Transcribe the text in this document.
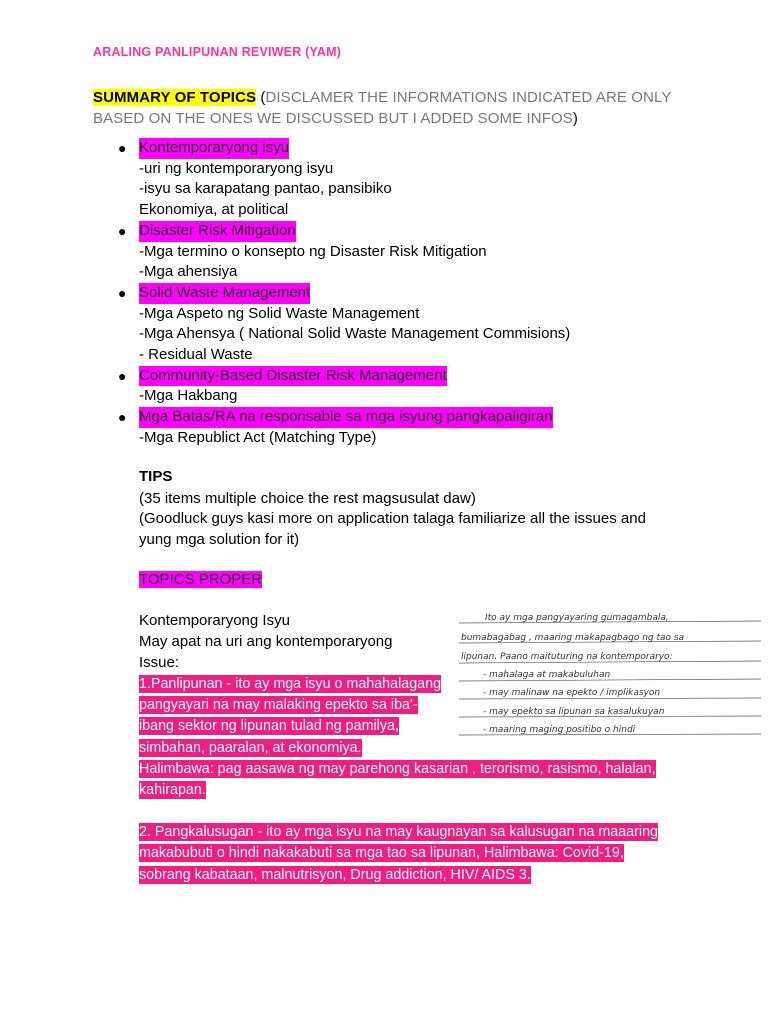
ARALING PANLIPUNAN REVIWER (YAM)
SUMMARY OF TOPICS (DISCLAMER THE INFORMATIONS INDICATED ARE ONLY BASED ON THE ONES WE DISCUSSED BUT I ADDED SOME INFOS)
● Kontemporaryong isyu
-uri ng kontemporaryong isyu
-isyu sa karapatang pantao, pansibiko
Ekonomiya, at political
● Disaster Risk Mitigation
-Mga termino o konsepto ng Disaster Risk Mitigation
-Mga ahensiya
● Solid Waste Management
-Mga Aspeto ng Solid Waste Management
-Mga Ahensya ( National Solid Waste Management Commisions)
- Residual Waste
● Community-Based Disaster Risk Management
-Mga Hakbang
● Mga Batas/RA na responsable sa mga isyung pangkapaligiran
-Mga Republict Act (Matching Type)
TIPS
(35 items multiple choice the rest magsusulat daw)
(Goodluck guys kasi more on application talaga familiarize all the issues and yung mga solution for it)
TOPICS PROPER
Kontemporaryong Isyu
May apat na uri ang kontemporaryong
Issue:
1.Panlipunan - ito ay mga isyu o mahahalagang
pangyayari na may malaking epekto sa iba'-
ibang sektor ng lipunan tulad ng pamilya,
simbahan, paaralan, at ekonomiya.
Halimbawa: pag aasawa ng may parehong kasarian , terorismo, rasismo, halalan,
kahirapan.
2. Pangkalusugan - ito ay mga isyu na may kaugnayan sa kalusugan na maaaring
makabubuti o hindi nakakabuti sa mga tao sa lipunan, Halimbawa: Covid-19,
sobrang kabataan, malnutrisyon, Drug addiction, HIV/ AIDS 3.
Ito ay mga pangyayaring gumagambala,
bumabagabag , maaring makapagbago ng tao sa
lipunan. Paano maituturing na kontemporaryo:
- mahalaga at makabuluhan
- may malinaw na epekto / implikasyon
- may epekto sa lipunan sa kasalukuyan
- maaring maging positibo o hindi
